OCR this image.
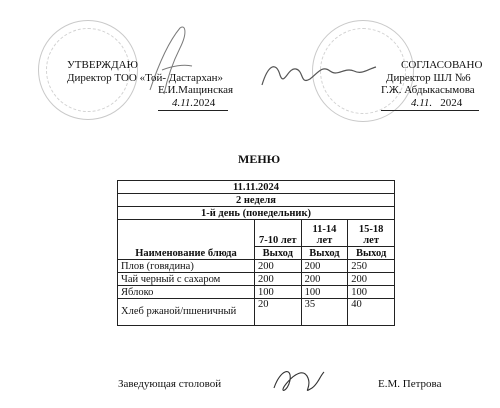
УТВЕРЖДАЮ
Директор ТОО «Той- Дастархан»
Е.И.Мащинская
4.11.2024
СОГЛАСОВАНО
Директор ШЛ №6
Г.Ж. Абдыкасымова
4.11. 2024
МЕНЮ
11.11.2024			
2 неделя			
1-й день (понедельник)			
Наименование блюда	7-10 лет	11-14 лет	15-18 лет
	Выход	Выход	Выход
Плов (говядина)	200	200	250
Чай черный с сахаром	200	200	200
Яблоко	100	100	100
Хлеб ржаной/пшеничный	20	35	40
Заведующая столовой	Е.М. Петрова
